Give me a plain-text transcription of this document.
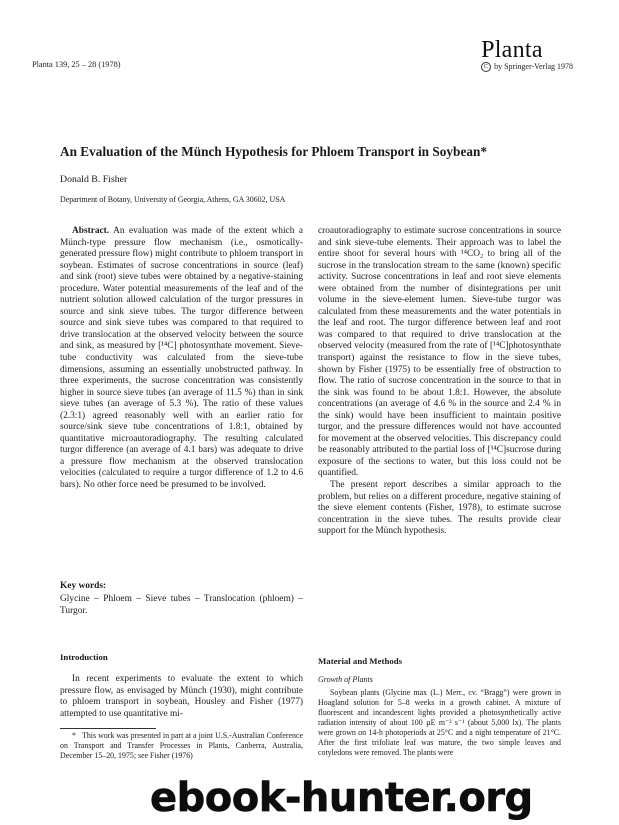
Planta 139, 25 – 28 (1978)
Planta
C by Springer-Verlag 1978
An Evaluation of the Münch Hypothesis for Phloem Transport in Soybean*
Donald B. Fisher
Department of Botany, University of Georgia, Athens, GA 30602, USA

Abstract. An evaluation was made of the extent which a Münch-type pressure flow mechanism (i.e., osmotically-generated pressure flow) might contribute to phloem transport in soybean. Estimates of sucrose concentrations in source (leaf) and sink (root) sieve tubes were obtained by a negative-staining procedure. Water potential measurements of the leaf and of the nutrient solution allowed calculation of the turgor pressures in source and sink sieve tubes. The turgor difference between source and sink sieve tubes was compared to that required to drive translocation at the observed velocity between the source and sink, as measured by [¹⁴C] photosynthate movement. Sieve-tube conductivity was calculated from the sieve-tube dimensions, assuming an essentially unobstructed pathway. In three experiments, the sucrose concentration was consistently higher in source sieve tubes (an average of 11.5 %) than in sink sieve tubes (an average of 5.3 %). The ratio of these values (2.3:1) agreed reasonably well with an earlier ratio for source/sink sieve tube concentrations of 1.8:1, obtained by quantitative microautoradiography. The resulting calculated turgor difference (an average of 4.1 bars) was adequate to drive a pressure flow mechanism at the observed translocation velocities (calculated to require a turgor difference of 1.2 to 4.6 bars). No other force need be presumed to be involved.

Key words:
Glycine – Phloem – Sieve tubes – Translocation (phloem) – Turgor.
Introduction

In recent experiments to evaluate the extent to which pressure flow, as envisaged by Münch (1930), might contribute to phloem transport in soybean, Housley and Fisher (1977) attempted to use quantitative mi-

* This work was presented in part at a joint U.S.-Australian Conference on Transport and Transfer Processes in Plants, Canberra, Australia, December 15–20, 1975; see Fisher (1976)

croautoradiography to estimate sucrose concentrations in source and sink sieve-tube elements. Their approach was to label the entire shoot for several hours with ¹⁴CO₂ to bring all of the sucrose in the translocation stream to the same (known) specific activity. Sucrose concentrations in leaf and root sieve elements were obtained from the number of disintegrations per unit volume in the sieve-element lumen. Sieve-tube turgor was calculated from these measurements and the water potentials in the leaf and root. The turgor difference between leaf and root was compared to that required to drive translocation at the observed velocity (measured from the rate of [¹⁴C]photosynthate transport) against the resistance to flow in the sieve tubes, shown by Fisher (1975) to be essentially free of obstruction to flow. The ratio of sucrose concentration in the source to that in the sink was found to be about 1.8:1. However, the absolute concentrations (an average of 4.6 % in the source and 2.4 % in the sink) would have been insufficient to maintain positive turgor, and the pressure differences would not have accounted for movement at the observed velocities. This discrepancy could be reasonably attributed to the partial loss of [¹⁴C]sucrose during exposure of the sections to water, but this loss could not be quantified.

The present report describes a similar approach to the problem, but relies on a different procedure, negative staining of the sieve element contents (Fisher, 1978), to estimate sucrose concentration in the sieve tubes. The results provide clear support for the Münch hypothesis.

Material and Methods
Growth of Plants

Soybean plants (Glycine max (L.) Merr., cv. “Bragg”) were grown in Hoagland solution for 5–8 weeks in a growth cabinet. A mixture of fluorescent and incandescent lights provided a photosynthetically active radiation intensity of about 100 µE m⁻² s⁻¹ (about 5,000 lx). The plants were grown on 14-h photoperiods at 25°C and a night temperature of 21°C. After the first trifoliate leaf was mature, the two simple leaves and cotyledons were removed. The plants were

ebook-hunter.org
